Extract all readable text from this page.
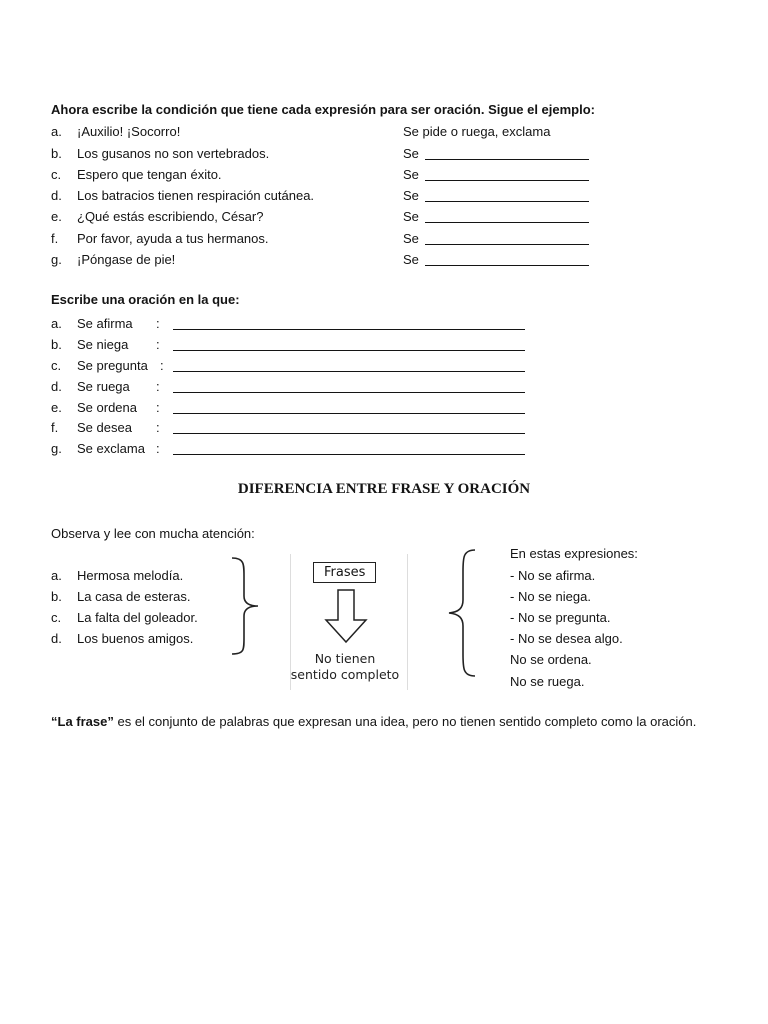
Ahora escribe la condición que tiene cada expresión para ser oración. Sigue el ejemplo:
a. ¡Auxilio! ¡Socorro!	Se pide o ruega, exclama
b. Los gusanos no son vertebrados.	Se
c. Espero que tengan éxito.	Se
d. Los batracios tienen respiración cutánea.	Se
e. ¿Qué estás escribiendo, César?	Se
f. Por favor, ayuda a tus hermanos.	Se
g. ¡Póngase de pie!	Se
Escribe una oración en la que:
a. Se afirma :
b. Se niega :
c. Se pregunta :
d. Se ruega :
e. Se ordena :
f. Se desea :
g. Se exclama :
DIFERENCIA ENTRE FRASE Y ORACIÓN
Observa y lee con mucha atención:
a. Hermosa melodía.
b. La casa de esteras.
c. La falta del goleador.
d. Los buenos amigos.
Frases
No tienen
sentido completo
En estas expresiones:
- No se afirma.
- No se niega.
- No se pregunta.
- No se desea algo.
No se ordena.
No se ruega.
“La frase” es el conjunto de palabras que expresan una idea, pero no tienen sentido completo como la oración.
